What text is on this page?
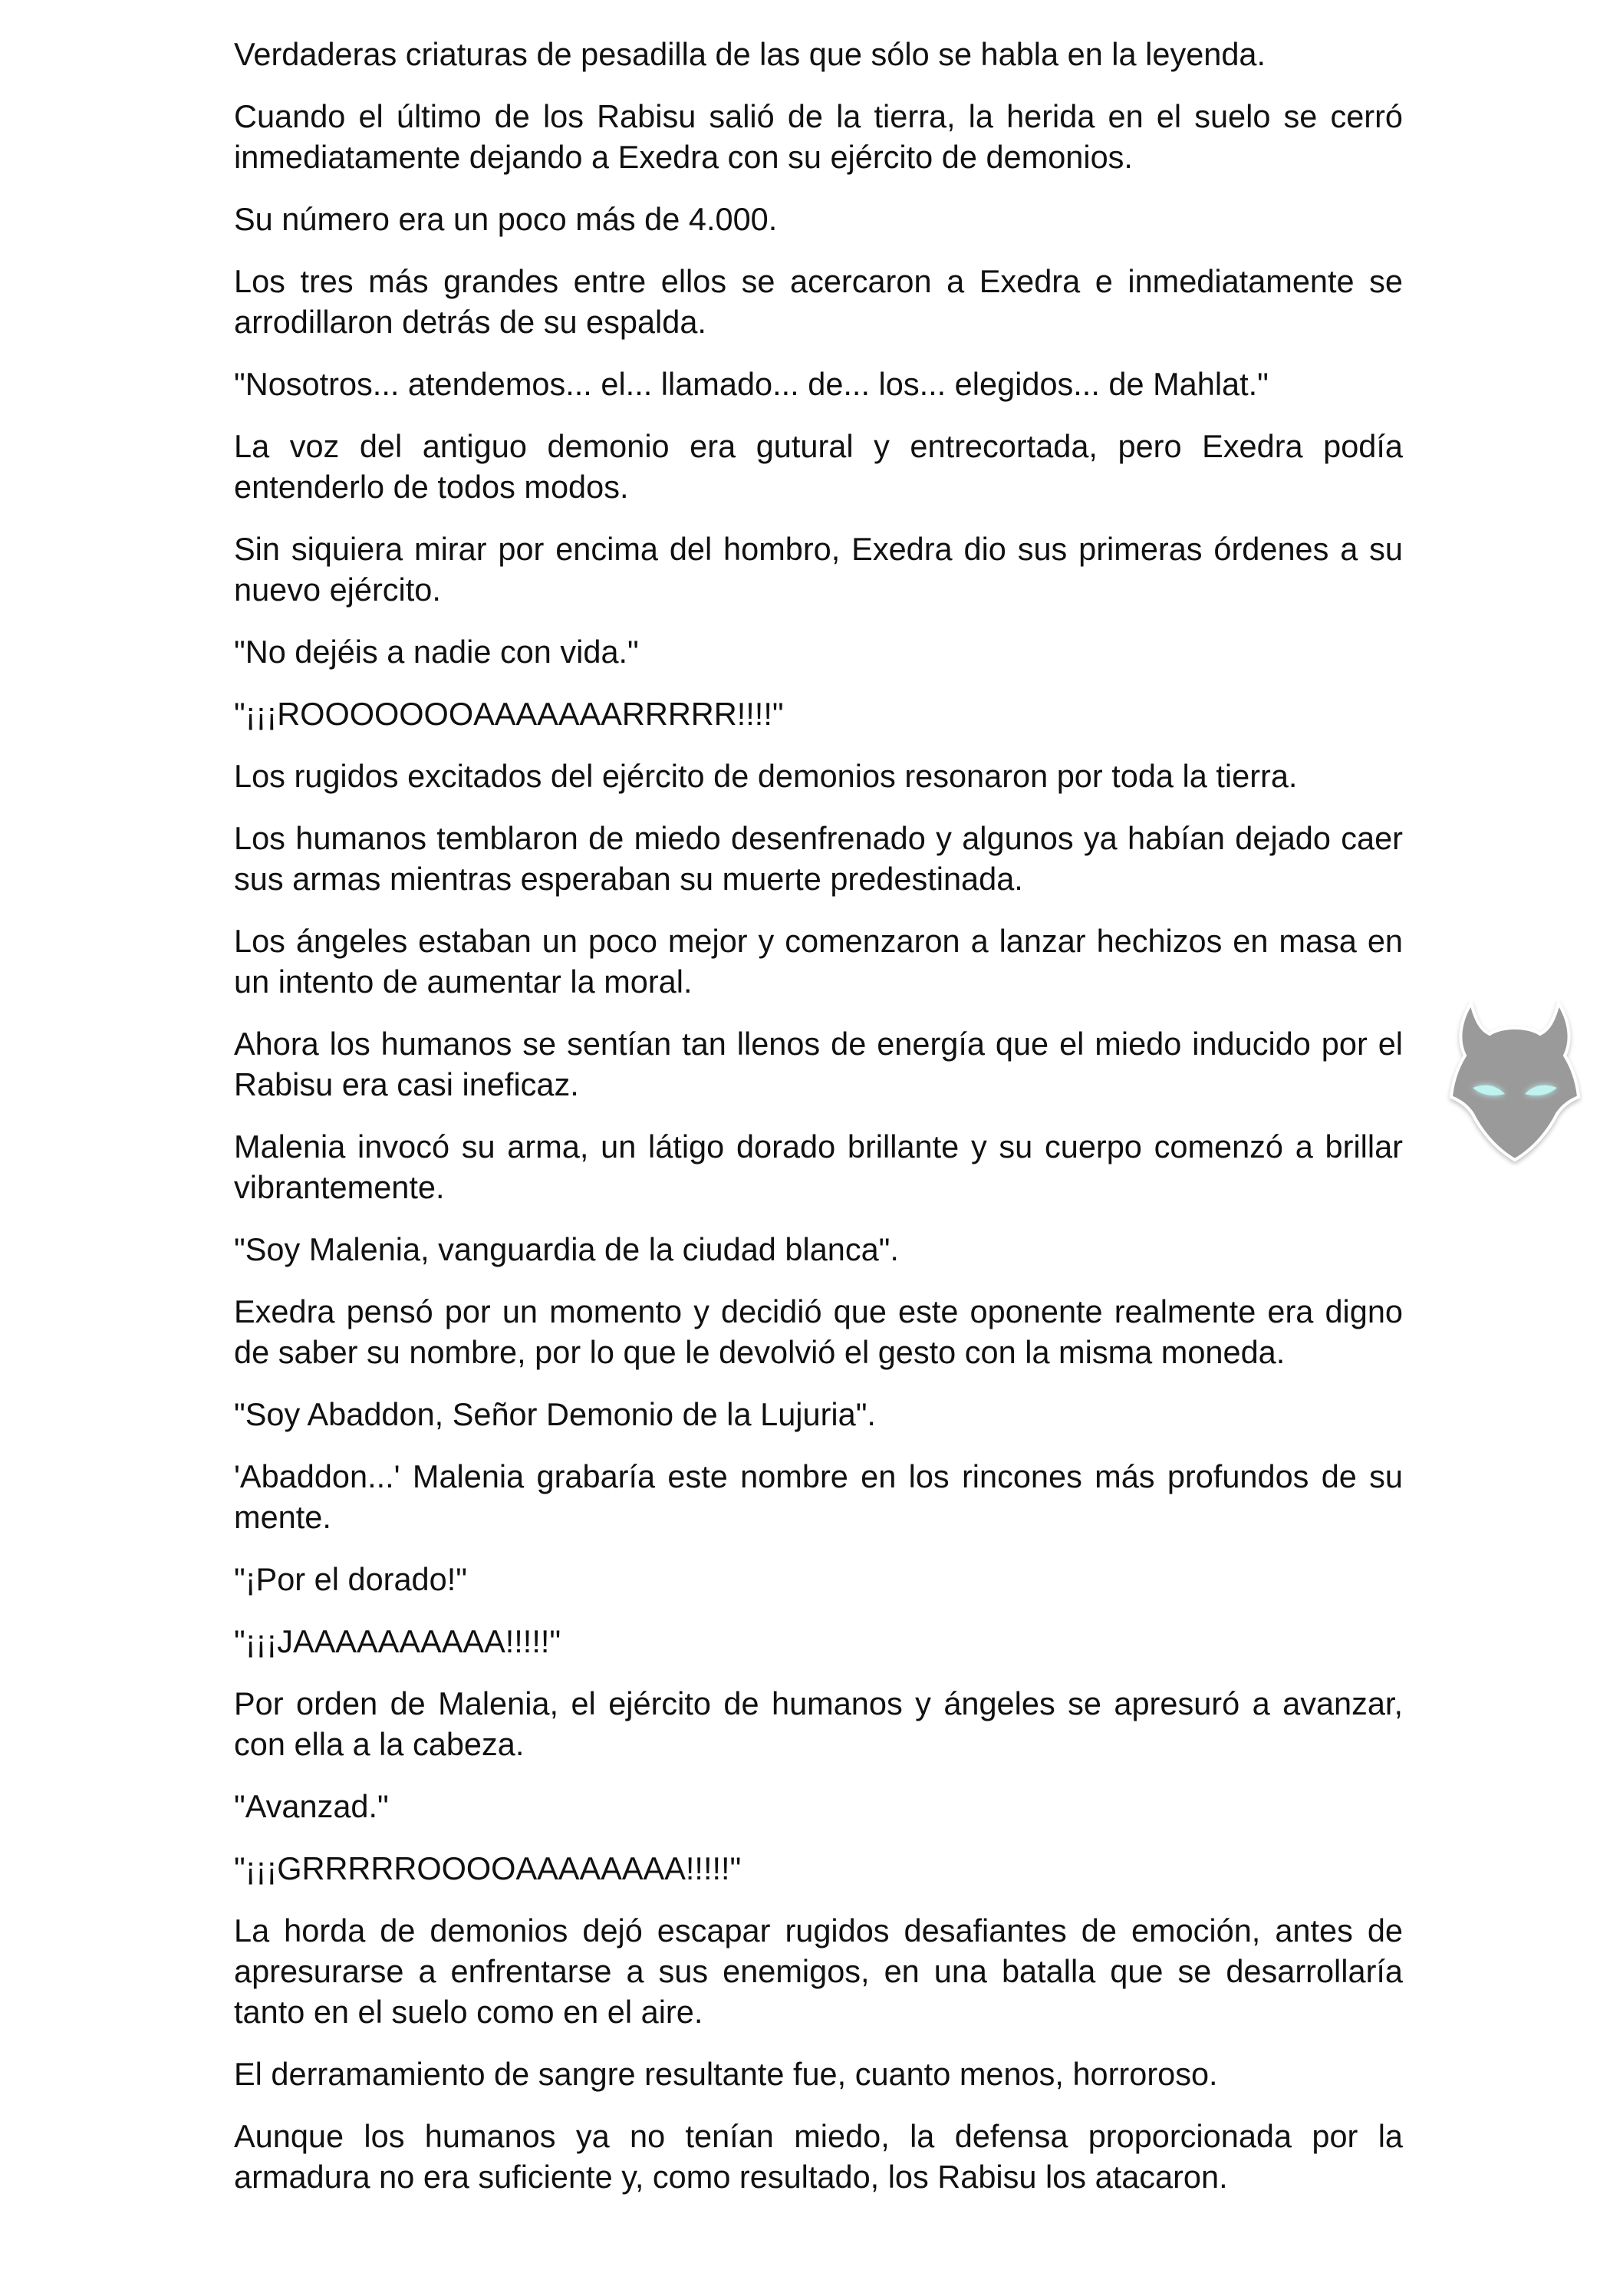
Verdaderas criaturas de pesadilla de las que sólo se habla en la leyenda.

Cuando el último de los Rabisu salió de la tierra, la herida en el suelo se cerró inmediatamente dejando a Exedra con su ejército de demonios.

Su número era un poco más de 4.000.

Los tres más grandes entre ellos se acercaron a Exedra e inmediatamente se arrodillaron detrás de su espalda.

"Nosotros... atendemos... el... llamado... de... los... elegidos... de Mahlat."

La voz del antiguo demonio era gutural y entrecortada, pero Exedra podía entenderlo de todos modos.

Sin siquiera mirar por encima del hombro, Exedra dio sus primeras órdenes a su nuevo ejército.

"No dejéis a nadie con vida."

"¡¡¡ROOOOOOOAAAAAAARRRRR!!!!"

Los rugidos excitados del ejército de demonios resonaron por toda la tierra.

Los humanos temblaron de miedo desenfrenado y algunos ya habían dejado caer sus armas mientras esperaban su muerte predestinada.

Los ángeles estaban un poco mejor y comenzaron a lanzar hechizos en masa en un intento de aumentar la moral.

Ahora los humanos se sentían tan llenos de energía que el miedo inducido por el Rabisu era casi ineficaz.

Malenia invocó su arma, un látigo dorado brillante y su cuerpo comenzó a brillar vibrantemente.

"Soy Malenia, vanguardia de la ciudad blanca".

Exedra pensó por un momento y decidió que este oponente realmente era digno de saber su nombre, por lo que le devolvió el gesto con la misma moneda.

"Soy Abaddon, Señor Demonio de la Lujuria".

'Abaddon...' Malenia grabaría este nombre en los rincones más profundos de su mente.

"¡Por el dorado!"

"¡¡¡JAAAAAAAAAA!!!!!"

Por orden de Malenia, el ejército de humanos y ángeles se apresuró a avanzar, con ella a la cabeza.

"Avanzad."

"¡¡¡GRRRRROOOOAAAAAAAA!!!!!"

La horda de demonios dejó escapar rugidos desafiantes de emoción, antes de apresurarse a enfrentarse a sus enemigos, en una batalla que se desarrollaría tanto en el suelo como en el aire.

El derramamiento de sangre resultante fue, cuanto menos, horroroso.

Aunque los humanos ya no tenían miedo, la defensa proporcionada por la armadura no era suficiente y, como resultado, los Rabisu los atacaron.
